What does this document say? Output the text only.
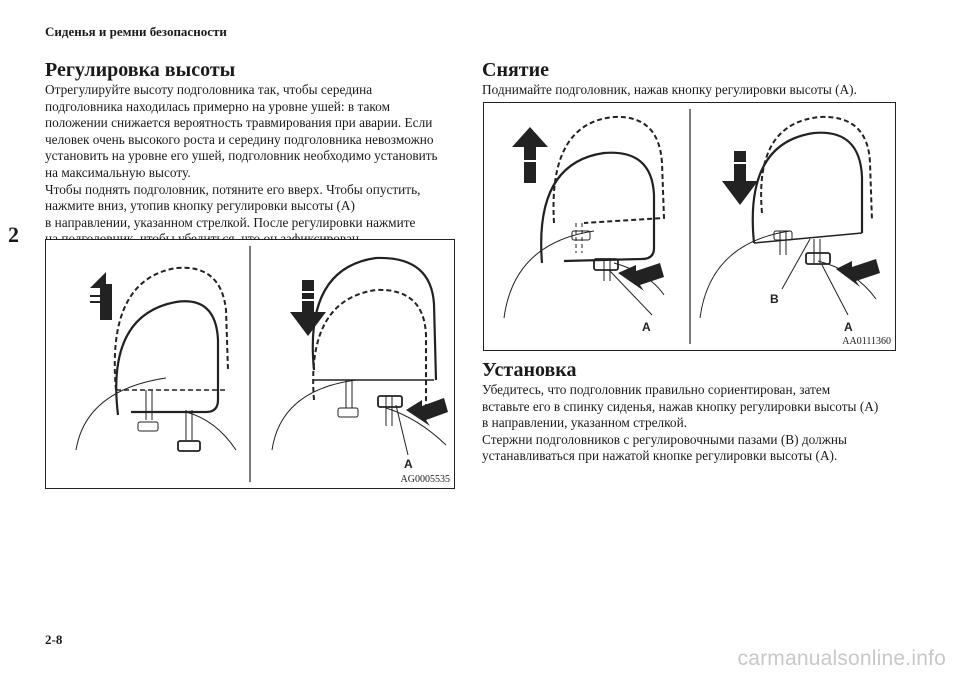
Сиденья и ремни безопасности
2
Регулировка высоты

Отрегулируйте высоту подголовника так, чтобы середина

подголовника находилась примерно на уровне ушей: в таком

положении снижается вероятность травмирования при аварии. Если

человек очень высокого роста и середину подголовника невозможно

установить на уровне его ушей, подголовник необходимо установить

на максимальную высоту.

Чтобы поднять подголовник, потяните его вверх. Чтобы опустить,

нажмите вниз, утопив кнопку регулировки высоты (A)

в направлении, указанном стрелкой. После регулировки нажмите

A
AG0005535
Снятие

Поднимайте подголовник, нажав кнопку регулировки высоты (A).

A
B
A
AA0111360
Установка

Убедитесь, что подголовник правильно сориентирован, затем

вставьте его в спинку сиденья, нажав кнопку регулировки высоты (A)

в направлении, указанном стрелкой.

Стержни подголовников с регулировочными пазами (B) должны

устанавливаться при нажатой кнопке регулировки высоты (A).

2-8
carmanualsonline.info
